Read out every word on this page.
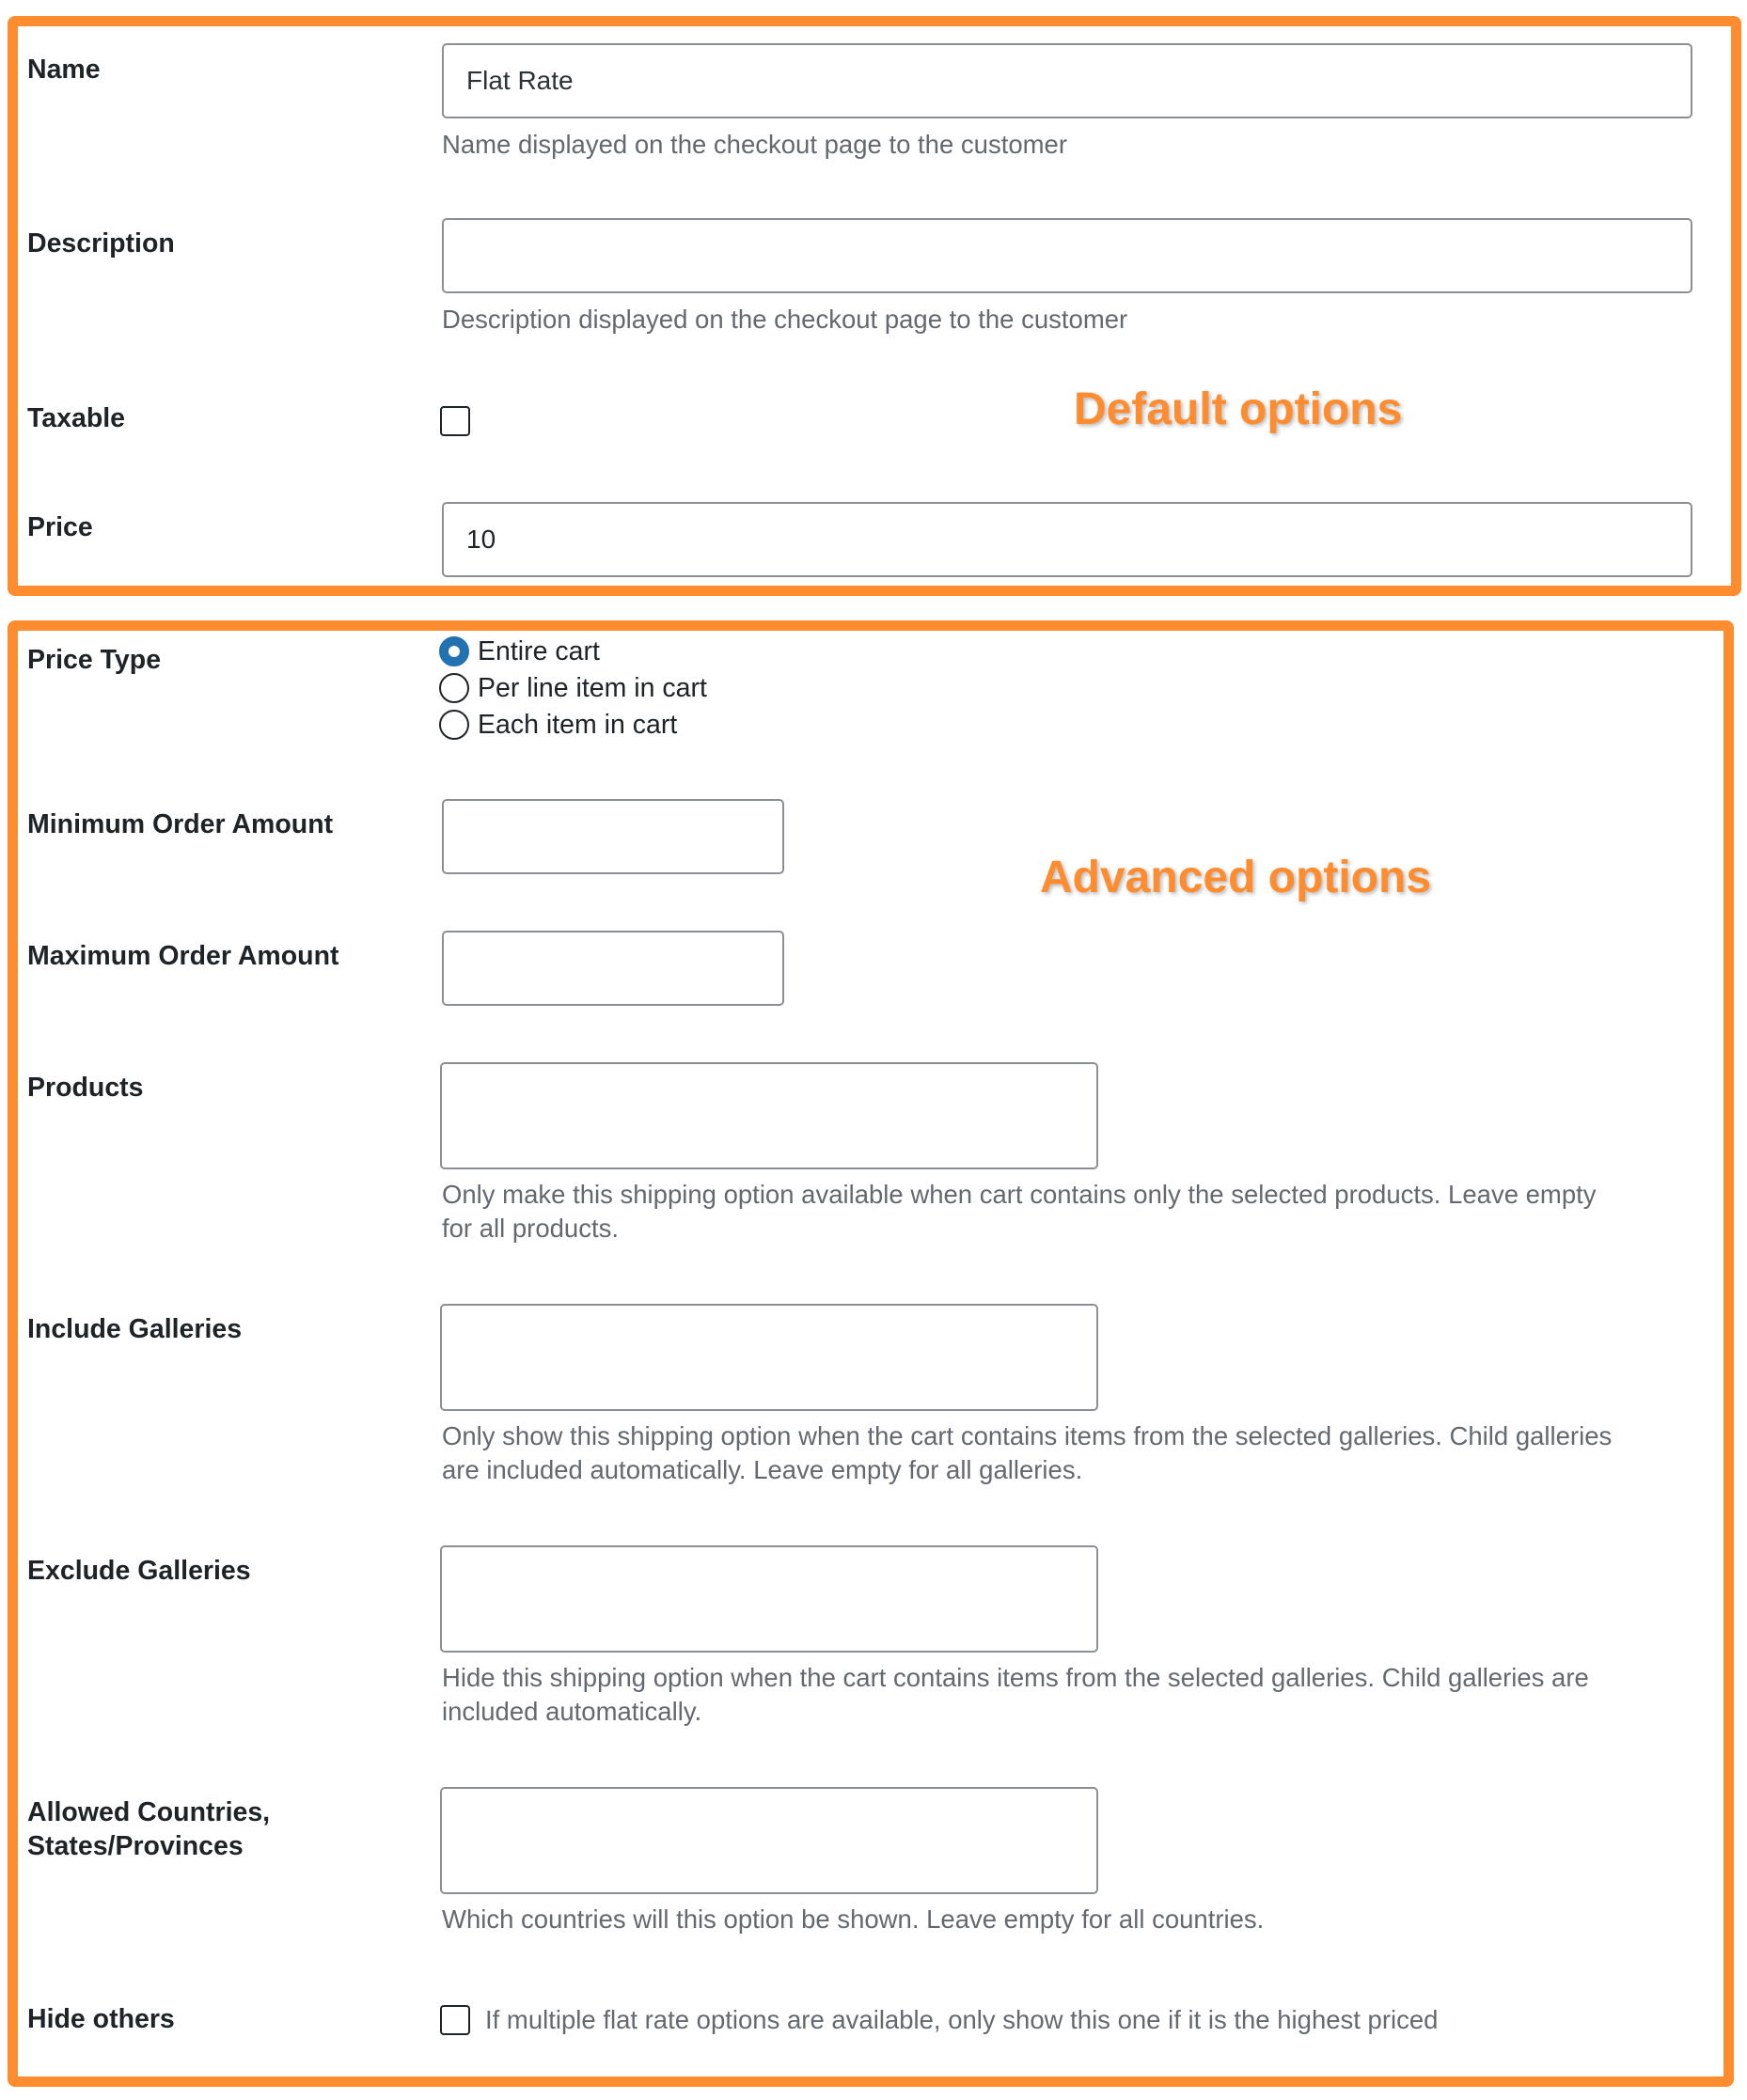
Default options
Advanced options
Name
Flat Rate
Name displayed on the checkout page to the customer
Description
Description displayed on the checkout page to the customer
Taxable
Price
10
Price Type	Entire cart
Per line item in cart
Each item in cart
Minimum Order Amount
Maximum Order Amount
Products
Only make this shipping option available when cart contains only the selected products. Leave empty
for all products.
Include Galleries
Only show this shipping option when the cart contains items from the selected galleries. Child galleries
are included automatically. Leave empty for all galleries.
Exclude Galleries
Hide this shipping option when the cart contains items from the selected galleries. Child galleries are
included automatically.
Allowed Countries,
States/Provinces
Which countries will this option be shown. Leave empty for all countries.
Hide others	If multiple flat rate options are available, only show this one if it is the highest priced
